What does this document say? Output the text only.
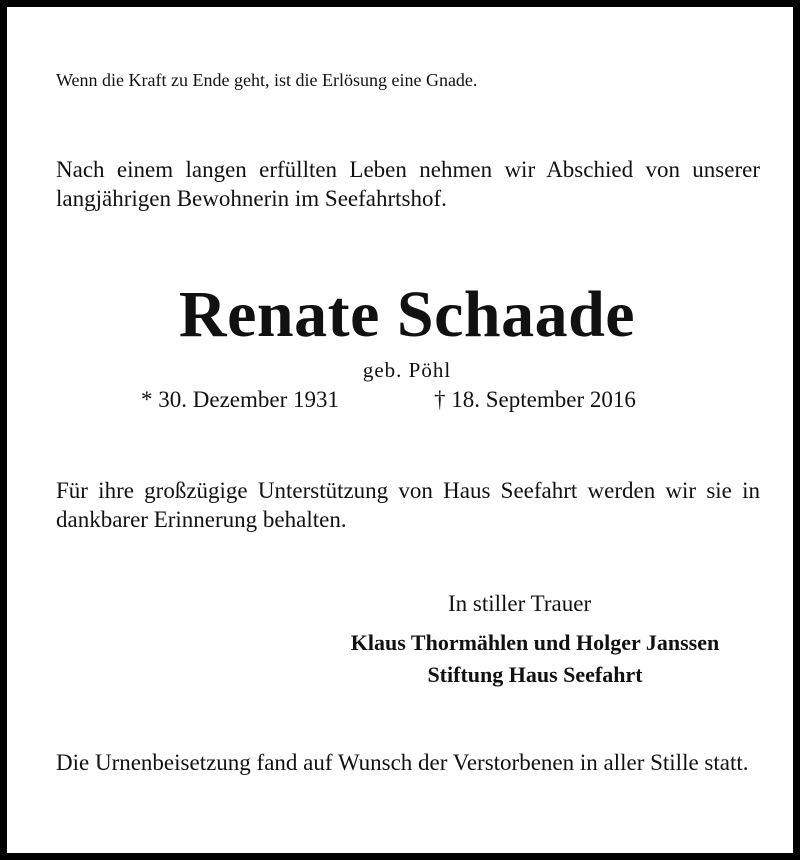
Wenn die Kraft zu Ende geht, ist die Erlösung eine Gnade.
Nach einem langen erfüllten Leben nehmen wir Abschied von unserer langjährigen Bewohnerin im Seefahrtshof.
Renate Schaade
geb. Pöhl
* 30. Dezember 1931	† 18. September 2016
Für ihre großzügige Unterstützung von Haus Seefahrt werden wir sie in dankbarer Erinnerung behalten.
In stiller Trauer
Klaus Thormählen und Holger Janssen
Stiftung Haus Seefahrt
Die Urnenbeisetzung fand auf Wunsch der Verstorbenen in aller Stille statt.
